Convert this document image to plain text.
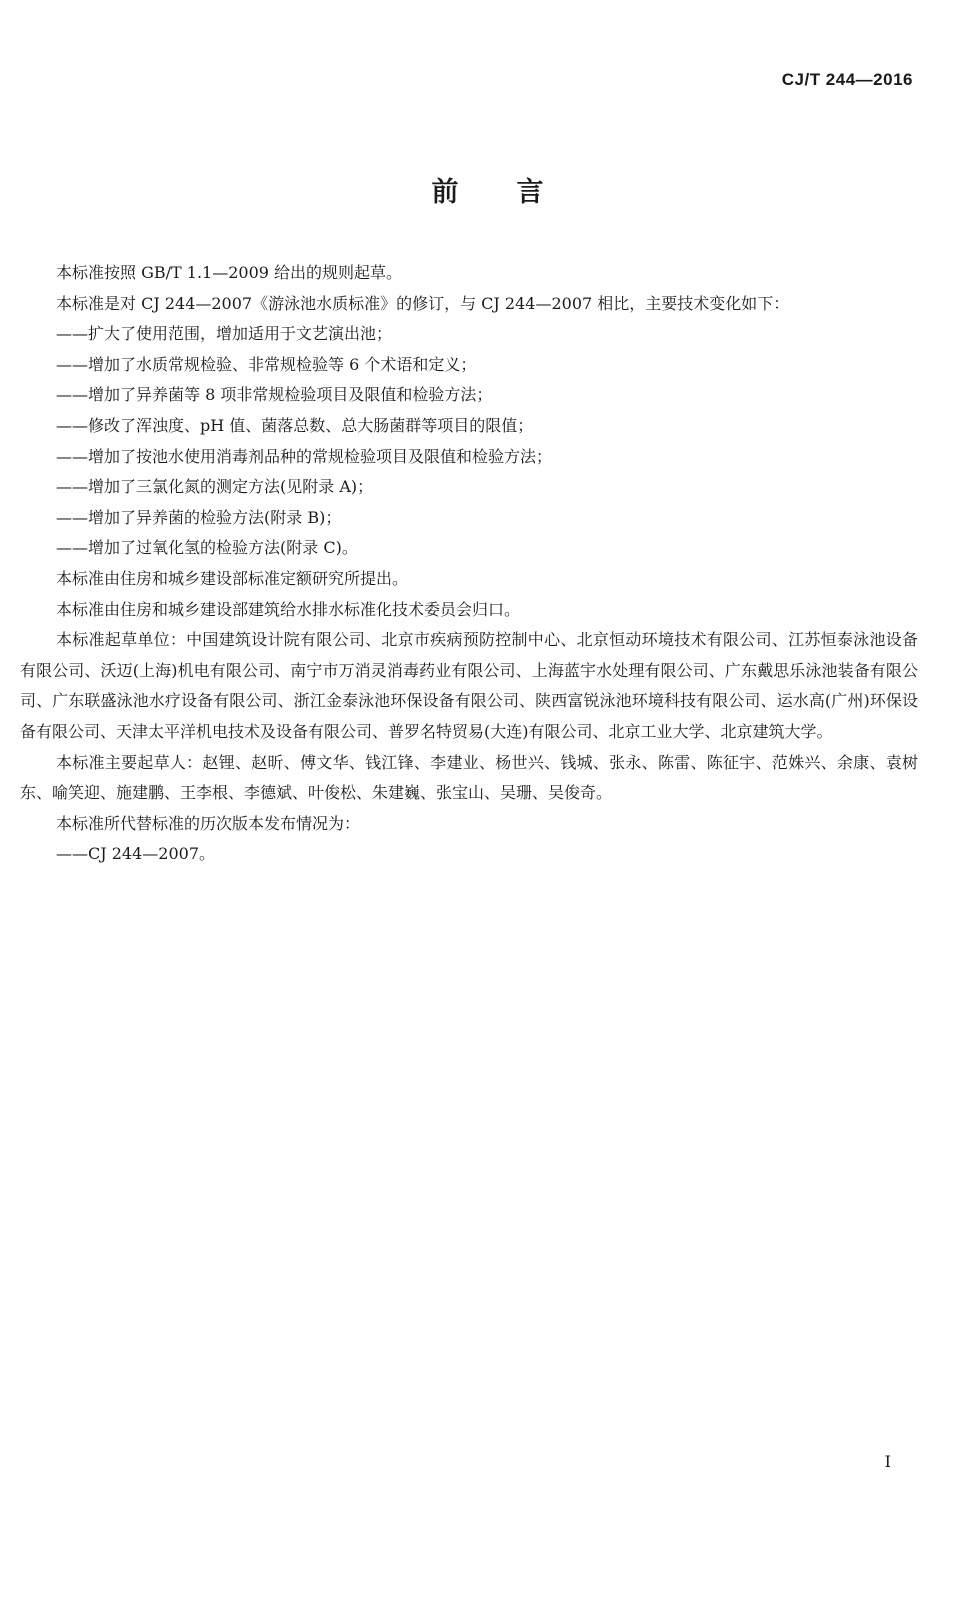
CJ/T 244—2016
前言

本标准按照 GB/T 1.1—2009 给出的规则起草。

本标准是对 CJ 244—2007《游泳池水质标准》的修订，与 CJ 244—2007 相比，主要技术变化如下：

——扩大了使用范围，增加适用于文艺演出池；

——增加了水质常规检验、非常规检验等 6 个术语和定义；

——增加了异养菌等 8 项非常规检验项目及限值和检验方法；

——修改了浑浊度、pH 值、菌落总数、总大肠菌群等项目的限值；

——增加了按池水使用消毒剂品种的常规检验项目及限值和检验方法；

——增加了三氯化氮的测定方法(见附录 A)；

——增加了异养菌的检验方法(附录 B)；

——增加了过氧化氢的检验方法(附录 C)。

本标准由住房和城乡建设部标准定额研究所提出。

本标准由住房和城乡建设部建筑给水排水标准化技术委员会归口。

本标准起草单位：中国建筑设计院有限公司、北京市疾病预防控制中心、北京恒动环境技术有限公司、江苏恒泰泳池设备有限公司、沃迈(上海)机电有限公司、南宁市万消灵消毒药业有限公司、上海蓝宇水处理有限公司、广东戴思乐泳池装备有限公司、广东联盛泳池水疗设备有限公司、浙江金泰泳池环保设备有限公司、陕西富锐泳池环境科技有限公司、运水高(广州)环保设备有限公司、天津太平洋机电技术及设备有限公司、普罗名特贸易(大连)有限公司、北京工业大学、北京建筑大学。

本标准主要起草人：赵锂、赵昕、傅文华、钱江锋、李建业、杨世兴、钱城、张永、陈雷、陈征宇、范姝兴、余康、袁树东、喻笑迎、施建鹏、王李根、李德斌、叶俊松、朱建巍、张宝山、吴珊、吴俊奇。

本标准所代替标准的历次版本发布情况为：

——CJ 244—2007。

I
